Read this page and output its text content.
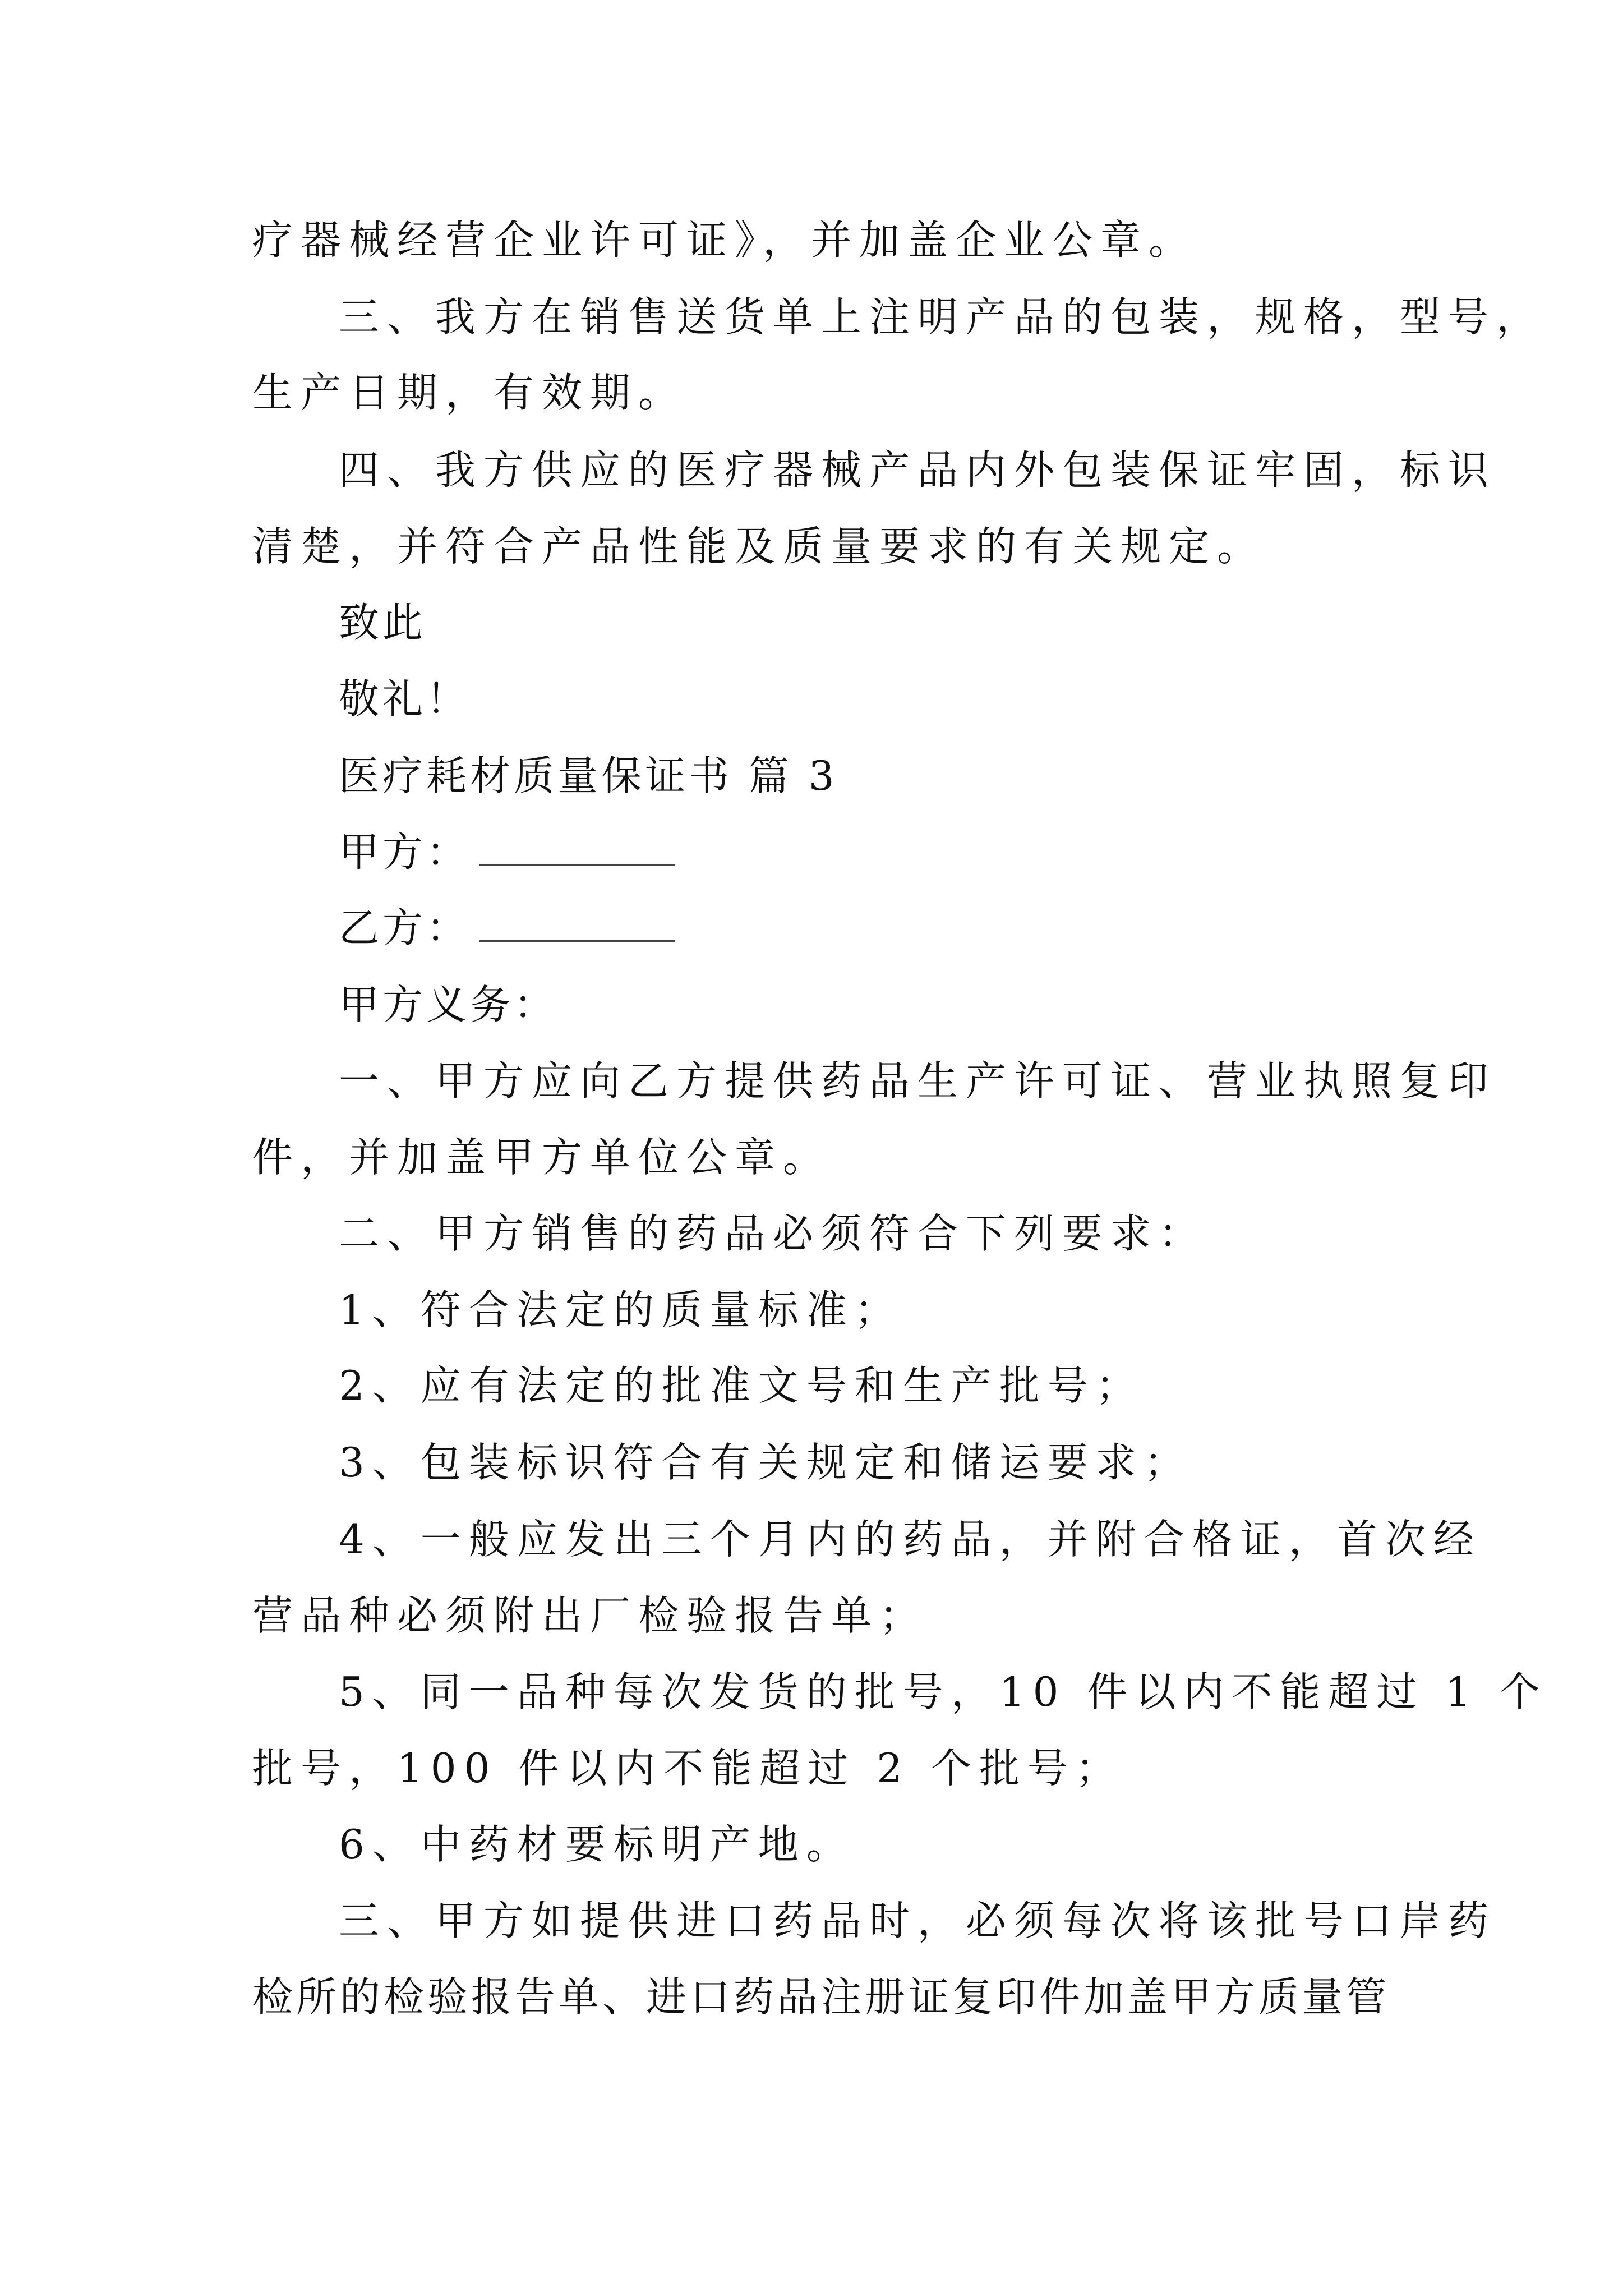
疗器械经营企业许可证》，并加盖企业公章。
三、我方在销售送货单上注明产品的包装，规格，型号，
生产日期，有效期。
四、我方供应的医疗器械产品内外包装保证牢固，标识
清楚，并符合产品性能及质量要求的有关规定。
致此
敬礼！
医疗耗材质量保证书 篇 3
甲方：
乙方：
甲方义务：
一、甲方应向乙方提供药品生产许可证、营业执照复印
件，并加盖甲方单位公章。
二、甲方销售的药品必须符合下列要求：
1、符合法定的质量标准；
2、应有法定的批准文号和生产批号；
3、包装标识符合有关规定和储运要求；
4、一般应发出三个月内的药品，并附合格证，首次经
营品种必须附出厂检验报告单；
5、同一品种每次发货的批号，10 件以内不能超过 1 个
批号，100 件以内不能超过 2 个批号；
6、中药材要标明产地。
三、甲方如提供进口药品时，必须每次将该批号口岸药
检所的检验报告单、进口药品注册证复印件加盖甲方质量管
